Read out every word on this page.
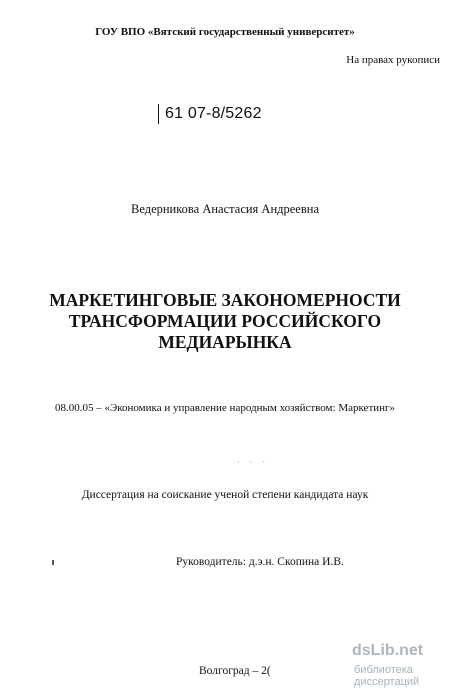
ГОУ ВПО «Вятский государственный университет»
На правах рукописи
61 07-8/5262
Ведерникова Анастасия Андреевна
МАРКЕТИНГОВЫЕ ЗАКОНОМЕРНОСТИ
ТРАНСФОРМАЦИИ РОССИЙСКОГО
МЕДИАРЫНКА
08.00.05 – «Экономика и управление народным хозяйством: Маркетинг»
· · ·
Диссертация на соискание ученой степени кандидата наук
Руководитель: д.э.н. Скопина И.В.
Волгоград – 2(
dsLib.net
библиотека диссертаций
